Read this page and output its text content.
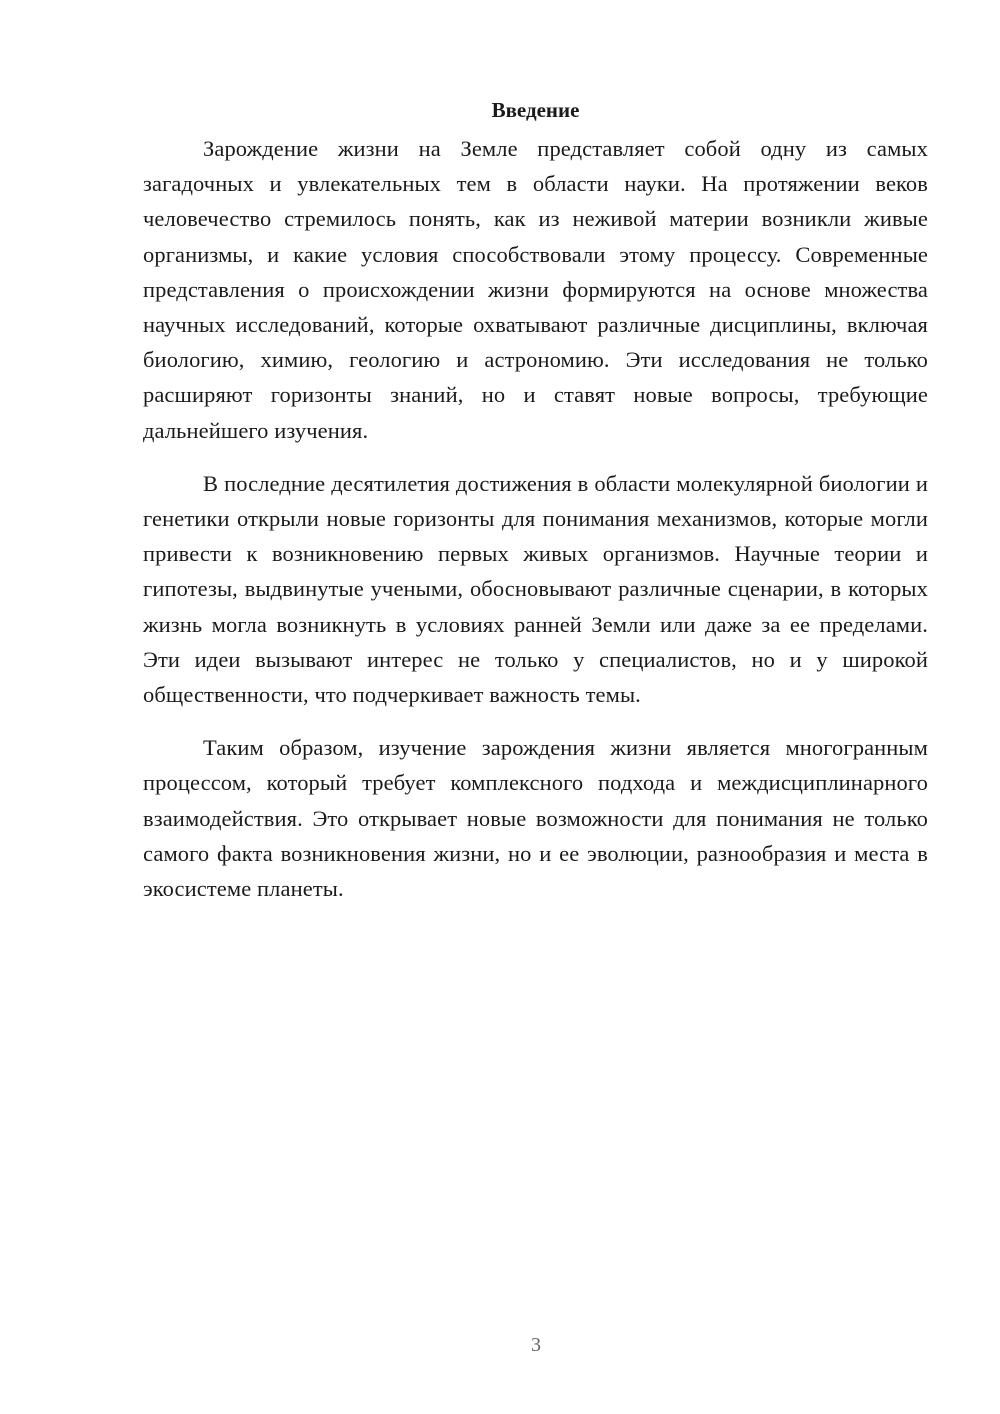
Введение

Зарождение жизни на Земле представляет собой одну из самых загадочных и увлекательных тем в области науки. На протяжении веков человечество стремилось понять, как из неживой материи возникли живые организмы, и какие условия способствовали этому процессу. Современные представления о происхождении жизни формируются на основе множества научных исследований, которые охватывают различные дисциплины, включая биологию, химию, геологию и астрономию. Эти исследования не только расширяют горизонты знаний, но и ставят новые вопросы, требующие дальнейшего изучения.

В последние десятилетия достижения в области молекулярной биологии и генетики открыли новые горизонты для понимания механизмов, которые могли привести к возникновению первых живых организмов. Научные теории и гипотезы, выдвинутые учеными, обосновывают различные сценарии, в которых жизнь могла возникнуть в условиях ранней Земли или даже за ее пределами. Эти идеи вызывают интерес не только у специалистов, но и у широкой общественности, что подчеркивает важность темы.

Таким образом, изучение зарождения жизни является многогранным процессом, который требует комплексного подхода и междисциплинарного взаимодействия. Это открывает новые возможности для понимания не только самого факта возникновения жизни, но и ее эволюции, разнообразия и места в экосистеме планеты.

3
